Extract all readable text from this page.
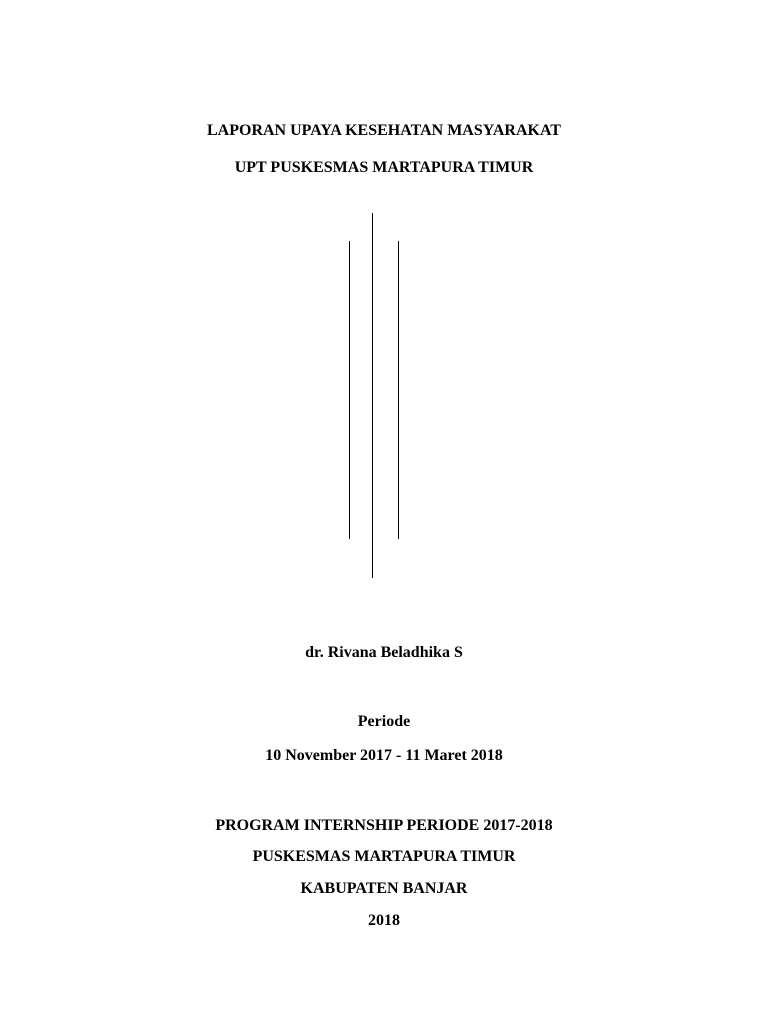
LAPORAN UPAYA KESEHATAN MASYARAKAT
UPT PUSKESMAS MARTAPURA TIMUR
dr. Rivana Beladhika S
Periode
10 November 2017 - 11 Maret 2018
PROGRAM INTERNSHIP PERIODE 2017-2018
PUSKESMAS MARTAPURA TIMUR
KABUPATEN BANJAR
2018
